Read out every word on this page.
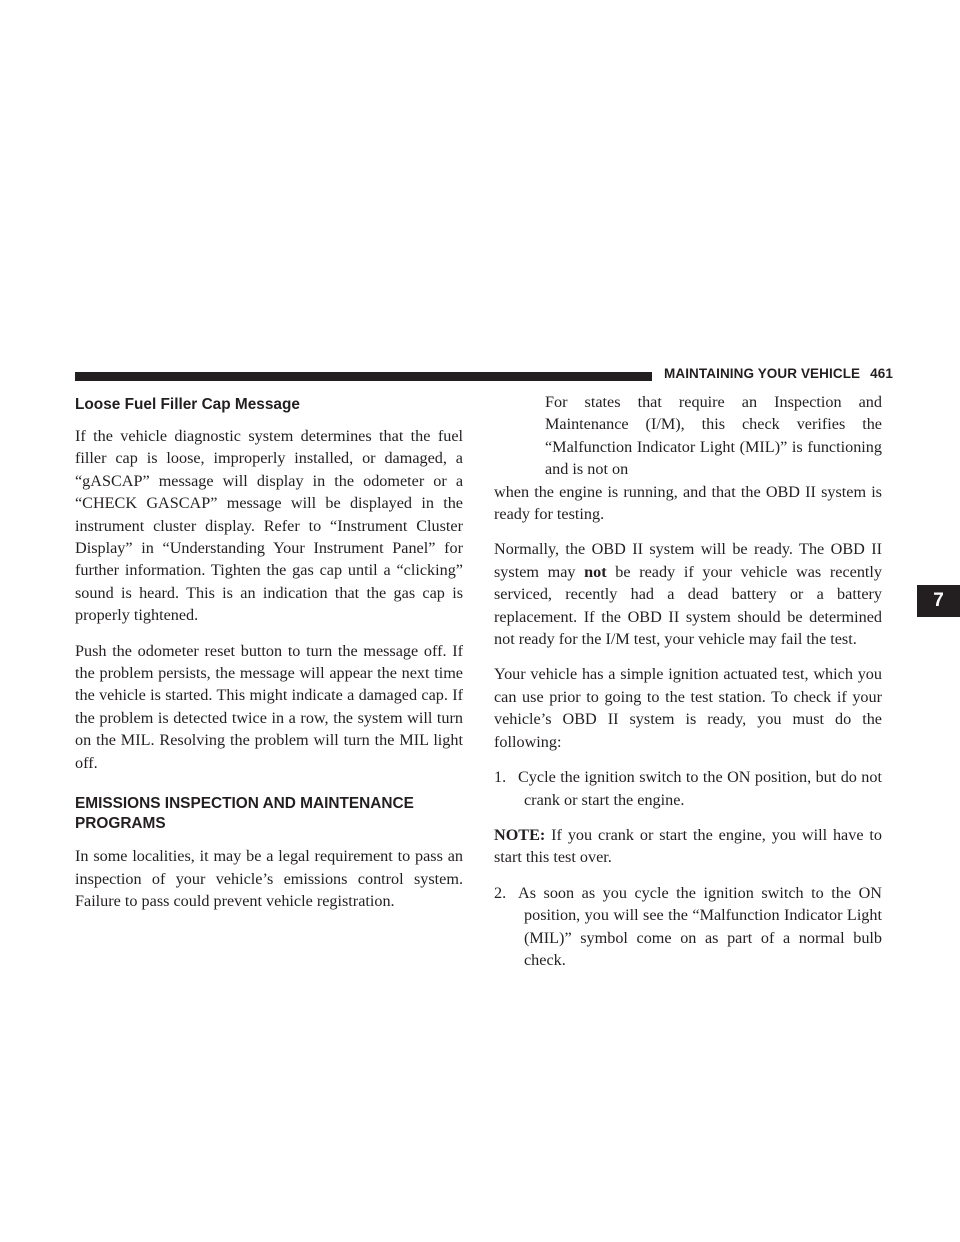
MAINTAINING YOUR VEHICLE 461
7
Loose Fuel Filler Cap Message

If the vehicle diagnostic system determines that the fuel filler cap is loose, improperly installed, or damaged, a “gASCAP” message will display in the odometer or a “CHECK GASCAP” message will be displayed in the instrument cluster display. Refer to “Instrument Cluster Display” in “Understanding Your Instrument Panel” for further information. Tighten the gas cap until a “clicking” sound is heard. This is an indication that the gas cap is properly tightened.

Push the odometer reset button to turn the message off. If the problem persists, the message will appear the next time the vehicle is started. This might indicate a damaged cap. If the problem is detected twice in a row, the system will turn on the MIL. Resolving the problem will turn the MIL light off.

EMISSIONS INSPECTION AND MAINTENANCE PROGRAMS

In some localities, it may be a legal requirement to pass an inspection of your vehicle’s emissions control system. Failure to pass could prevent vehicle registration.

For states that require an Inspection and Maintenance (I/M), this check verifies the “Malfunction Indicator Light (MIL)” is functioning and is not on

when the engine is running, and that the OBD II system is ready for testing.

Normally, the OBD II system will be ready. The OBD II system may not be ready if your vehicle was recently serviced, recently had a dead battery or a battery replacement. If the OBD II system should be determined not ready for the I/M test, your vehicle may fail the test.

Your vehicle has a simple ignition actuated test, which you can use prior to going to the test station. To check if your vehicle’s OBD II system is ready, you must do the following:

1. Cycle the ignition switch to the ON position, but do not crank or start the engine.

NOTE: If you crank or start the engine, you will have to start this test over.

2. As soon as you cycle the ignition switch to the ON position, you will see the “Malfunction Indicator Light (MIL)” symbol come on as part of a normal bulb check.
